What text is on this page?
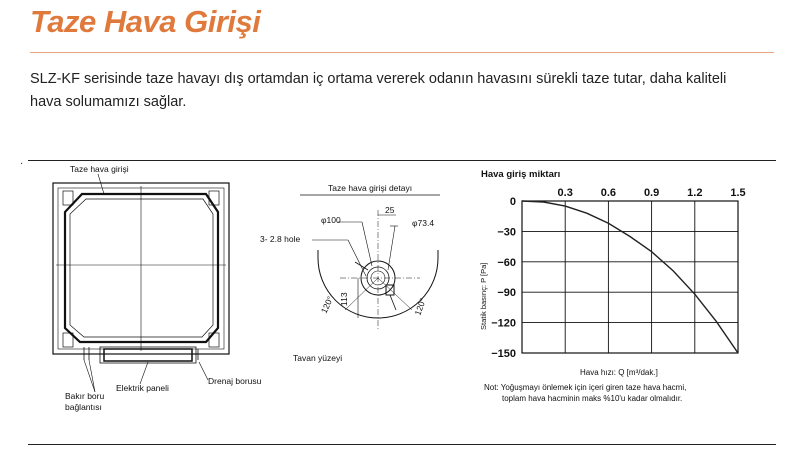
Taze Hava Girişi
SLZ-KF serisinde taze havayı dış ortamdan iç ortama vererek odanın havasını sürekli taze tutar, daha kaliteli
hava solumamızı sağlar.
·	Taze hava girişi
Bakır boru
bağlantısı
Elektrik paneli
Drenaj borusu
Taze hava girişi detayı
φ100
25
φ73.4
3- 2.8 hole
113
120°	120°
Tavan yüzeyi
Hava giriş miktarı
0
−30
−60
−90
−120
−150
0.3	0.6	0.9	1.2	1.5
Statik basınç: P [Pa]
Hava hızı: Q [m³/dak.]
Not: Yoğuşmayı önlemek için içeri giren taze hava hacmi,
toplam hava hacminin maks %10'u kadar olmalıdır.
